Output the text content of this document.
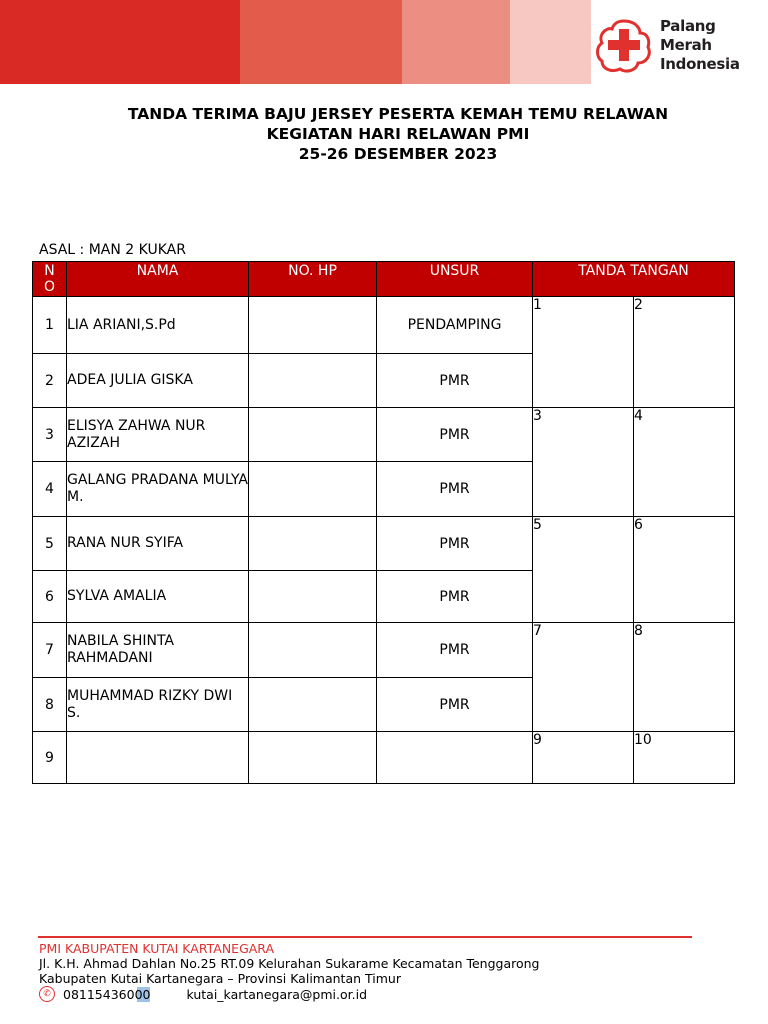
Palang
Merah
Indonesia
TANDA TERIMA BAJU JERSEY PESERTA KEMAH TEMU RELAWAN
KEGIATAN HARI RELAWAN PMI
25-26 DESEMBER 2023
ASAL : MAN 2 KUKAR
N O	NAMA	NO. HP	UNSUR	TANDA TANGAN	
1	LIA ARIANI,S.Pd		PENDAMPING	1	2
2	ADEA JULIA GISKA		PMR		
3	ELISYA ZAHWA NUR AZIZAH		PMR	3	4
4	GALANG PRADANA MULYA M.		PMR		
5	RANA NUR SYIFA		PMR	5	6
6	SYLVA AMALIA		PMR		
7	NABILA SHINTA RAHMADANI		PMR	7	8
8	MUHAMMAD RIZKY DWI S.		PMR		
9				9	10
PMI KABUPATEN KUTAI KARTANEGARA
Jl. K.H. Ahmad Dahlan No.25 RT.09 Kelurahan Sukarame Kecamatan Tenggarong
Kabupaten Kutai Kartanegara – Provinsi Kalimantan Timur
✆ 08115436000	kutai_kartanegara@pmi.or.id
